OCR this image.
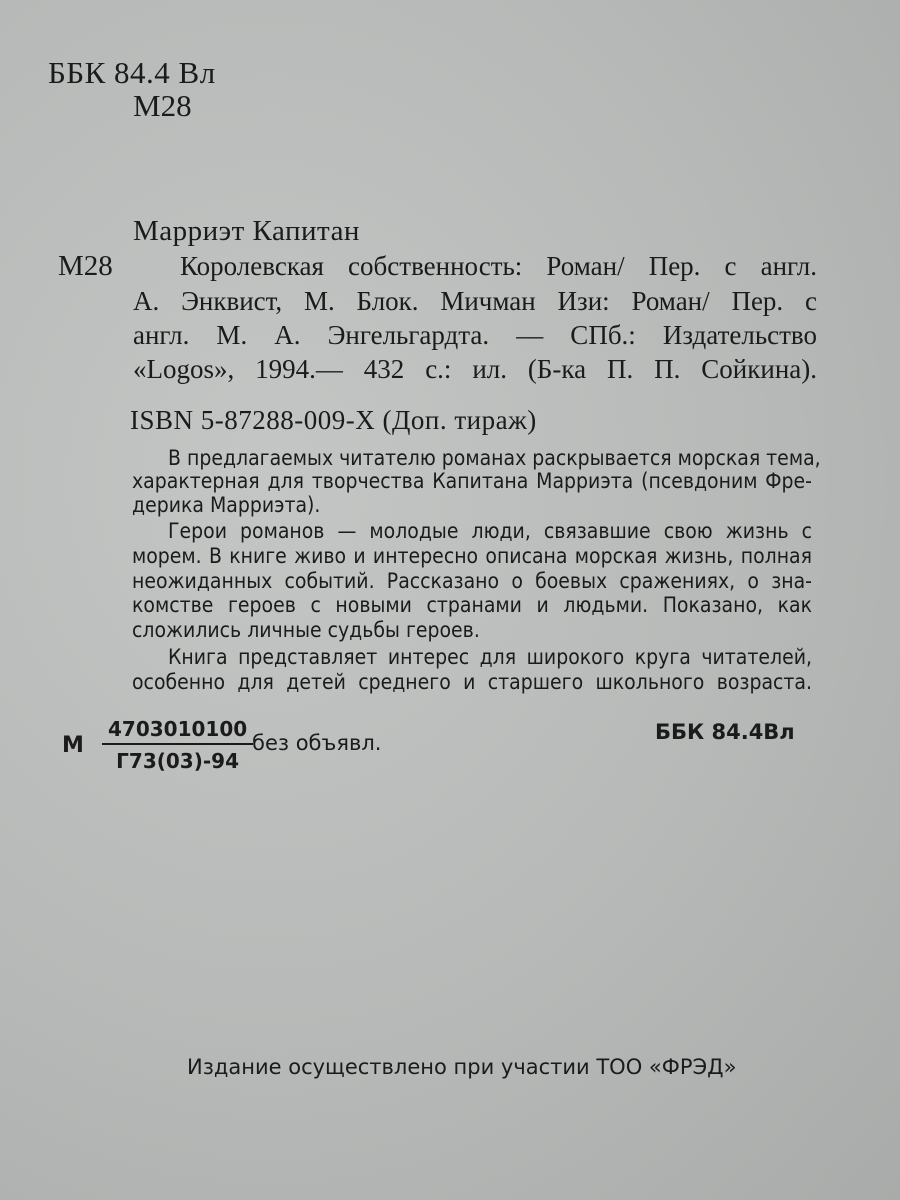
ББК 84.4 Вл
М28
Марриэт Капитан
М28 Королевская собственность: Роман/ Пер. с англ.
А. Энквист, М. Блок. Мичман Изи: Роман/ Пер. с
англ. М. А. Энгельгардта. — СПб.: Издательство
«Logos», 1994.— 432 с.: ил. (Б-ка П. П. Сойкина).
ISBN 5-87288-009-Х (Доп. тираж)
В предлагаемых читателю романах раскрывается морская тема,
характерная для творчества Капитана Марриэта (псевдоним Фре-
дерика Марриэта).
Герои романов — молодые люди, связавшие свою жизнь с
морем. В книге живо и интересно описана морская жизнь, полная
неожиданных событий. Рассказано о боевых сражениях, о зна-
комстве героев с новыми странами и людьми. Показано, как
сложились личные судьбы героев.
Книга представляет интерес для широкого круга читателей,
особенно для детей среднего и старшего школьного возраста.
М
4703010100
Г73(03)-94
без объявл.	ББК 84.4Вл
Издание осуществлено при участии ТОО «ФРЭД»
